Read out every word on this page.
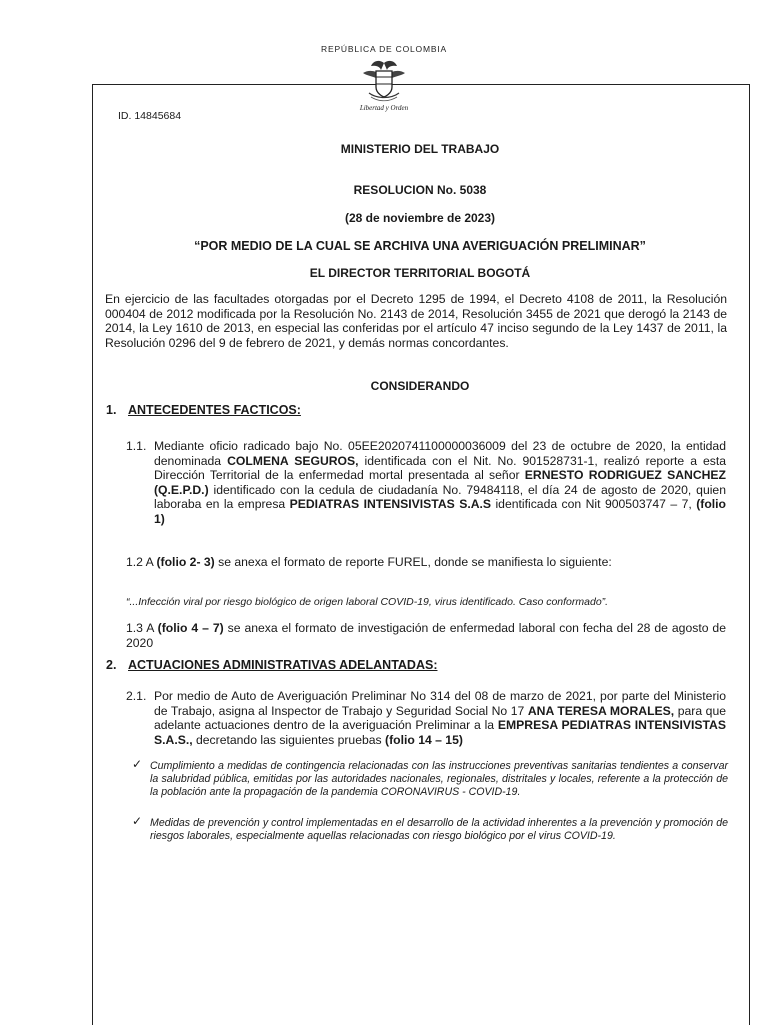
REPÚBLICA DE COLOMBIA
Libertad y Orden
ID. 14845684
MINISTERIO DEL TRABAJO
RESOLUCION No. 5038
(28 de noviembre de 2023)
“POR MEDIO DE LA CUAL SE ARCHIVA UNA AVERIGUACIÓN PRELIMINAR”
EL DIRECTOR TERRITORIAL BOGOTÁ
En ejercicio de las facultades otorgadas por el Decreto 1295 de 1994, el Decreto 4108 de 2011, la Resolución 000404 de 2012 modificada por la Resolución No. 2143 de 2014, Resolución 3455 de 2021 que derogó la 2143 de 2014, la Ley 1610 de 2013, en especial las conferidas por el artículo 47 inciso segundo de la Ley 1437 de 2011, la Resolución 0296 del 9 de febrero de 2021, y demás normas concordantes.
CONSIDERANDO
1. ANTECEDENTES FACTICOS:
1.1. Mediante oficio radicado bajo No. 05EE2020741100000036009 del 23 de octubre de 2020, la entidad denominada COLMENA SEGUROS, identificada con el Nit. No. 901528731-1, realizó reporte a esta Dirección Territorial de la enfermedad mortal presentada al señor ERNESTO RODRIGUEZ SANCHEZ (Q.E.P.D.) identificado con la cedula de ciudadanía No. 79484118, el día 24 de agosto de 2020, quien laboraba en la empresa PEDIATRAS INTENSIVISTAS S.A.S identificada con Nit 900503747 – 7, (folio 1)
1.2 A (folio 2- 3) se anexa el formato de reporte FUREL, donde se manifiesta lo siguiente:
“...Infección viral por riesgo biológico de origen laboral COVID-19, virus identificado. Caso conformado”.
1.3 A (folio 4 – 7) se anexa el formato de investigación de enfermedad laboral con fecha del 28 de agosto de 2020
2. ACTUACIONES ADMINISTRATIVAS ADELANTADAS:
2.1. Por medio de Auto de Averiguación Preliminar No 314 del 08 de marzo de 2021, por parte del Ministerio de Trabajo, asigna al Inspector de Trabajo y Seguridad Social No 17 ANA TERESA MORALES, para que adelante actuaciones dentro de la averiguación Preliminar a la EMPRESA PEDIATRAS INTENSIVISTAS S.A.S., decretando las siguientes pruebas (folio 14 – 15)
✓ Cumplimiento a medidas de contingencia relacionadas con las instrucciones preventivas sanitarias tendientes a conservar la salubridad pública, emitidas por las autoridades nacionales, regionales, distritales y locales, referente a la protección de la población ante la propagación de la pandemia CORONAVIRUS - COVID-19.
✓ Medidas de prevención y control implementadas en el desarrollo de la actividad inherentes a la prevención y promoción de riesgos laborales, especialmente aquellas relacionadas con riesgo biológico por el virus COVID-19.
